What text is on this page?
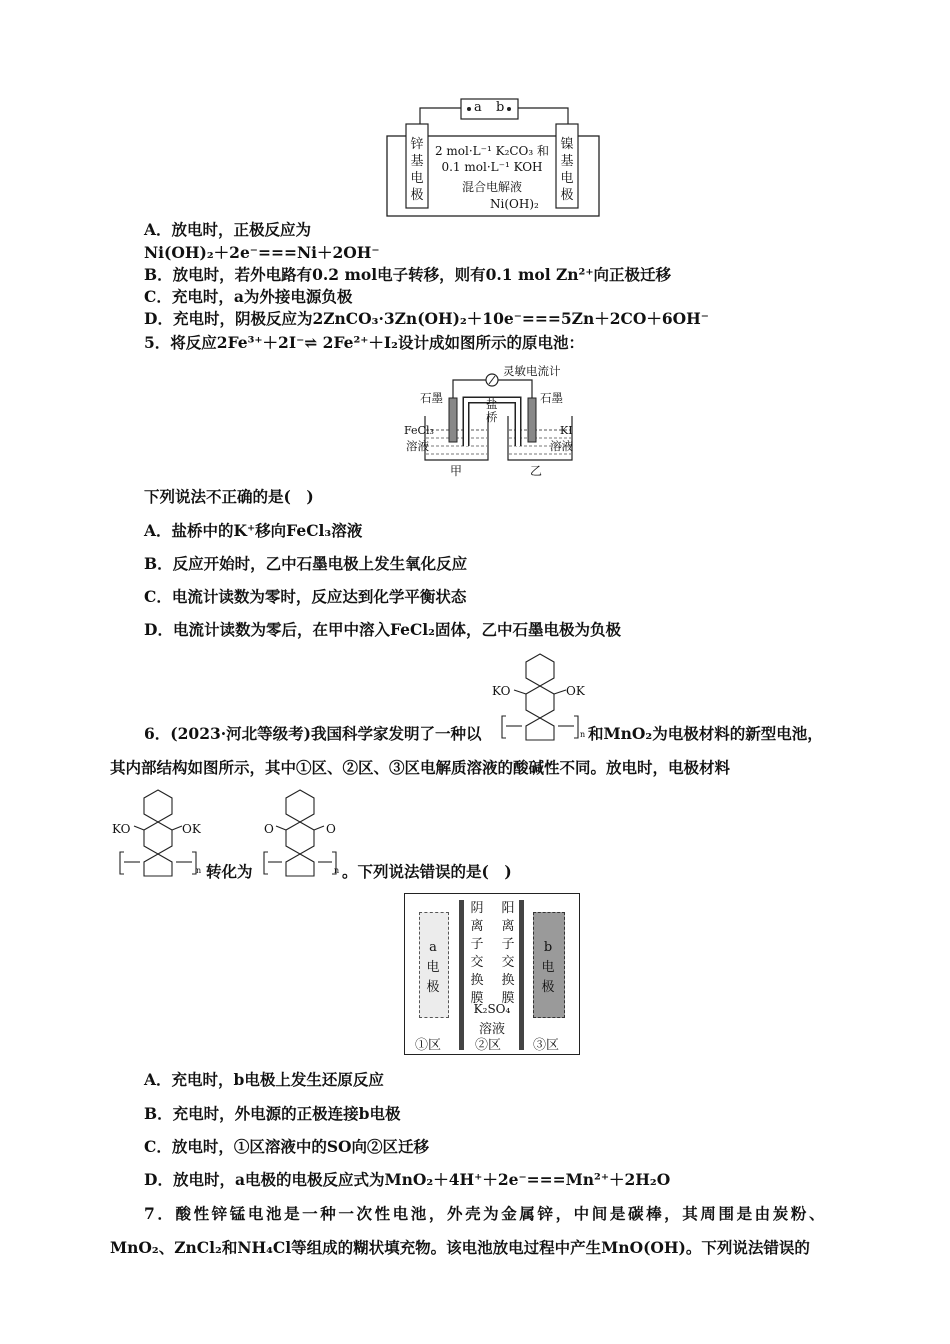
a b
锌基电极
镍基电极
2 mol·L⁻¹ K₂CO₃ 和
0.1 mol·L⁻¹ KOH
混合电解液
Ni(OH)₂
A．放电时，正极反应为
Ni(OH)₂＋2e⁻===Ni＋2OH⁻
B．放电时，若外电路有0.2 mol电子转移，则有0.1 mol Zn²⁺向正极迁移
C．充电时，a为外接电源负极
D．充电时，阴极反应为2ZnCO₃·3Zn(OH)₂＋10e⁻===5Zn＋2CO＋6OH⁻
5．将反应2Fe³⁺＋2I⁻⇌ 2Fe²⁺＋I₂设计成如图所示的原电池：
灵敏电流计
石墨	石墨
盐桥
FeCl₃
溶液
KI
溶液
甲	乙
下列说法不正确的是(　)
A．盐桥中的K⁺移向FeCl₃溶液
B．反应开始时，乙中石墨电极上发生氧化反应
C．电流计读数为零时，反应达到化学平衡状态
D．电流计读数为零后，在甲中溶入FeCl₂固体，乙中石墨电极为负极
KO	OK
n
6．(2023·河北等级考)我国科学家发明了一种以	和MnO₂为电极材料的新型电池，
其内部结构如图所示，其中①区、②区、③区电解质溶液的酸碱性不同。放电时，电极材料
KO	OK
n 转化为
O	O
n 。下列说法错误的是(　)
a电极
阴离子交换膜
阳离子交换膜
b电极
K₂SO₄
溶液
①区	②区 ③区
A．充电时，b电极上发生还原反应
B．充电时，外电源的正极连接b电极
C．放电时，①区溶液中的SO向②区迁移
D．放电时，a电极的电极反应式为MnO₂＋4H⁺＋2e⁻===Mn²⁺＋2H₂O
7．酸性锌锰电池是一种一次性电池，外壳为金属锌，中间是碳棒，其周围是由炭粉、
MnO₂、ZnCl₂和NH₄Cl等组成的糊状填充物。该电池放电过程中产生MnO(OH)。下列说法错误的
